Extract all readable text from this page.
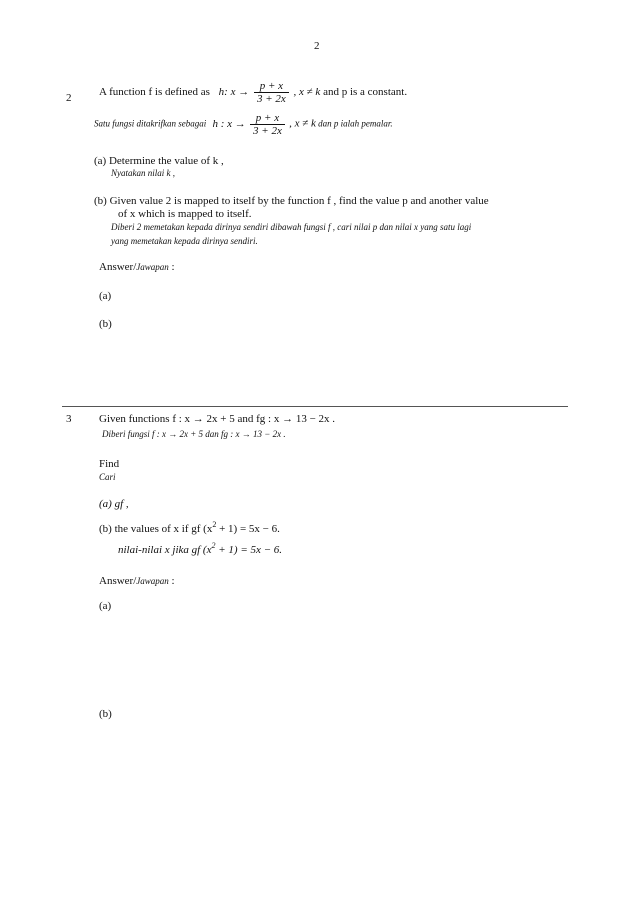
2
2	A function f is defined as h: $x \to \frac{p + x}{3 + 2x}$ , x ≠ k and p is a constant.
Satu fungsi ditakrifkan sebagai h : $x \to \frac{p + x}{3 + 2x}$ , x ≠ k dan p ialah pemalar.
(a) Determine the value of k ,
Nyatakan nilai k ,
(b) Given value 2 is mapped to itself by the function f , find the value p and another value
of x which is mapped to itself.
Diberi 2 memetakan kepada dirinya sendiri dibawah fungsi f , cari nilai p dan nilai x yang satu lagi
yang memetakan kepada dirinya sendiri.
Answer/Jawapan :
(a)
(b)
3	Given functions f : x → 2x + 5 and fg : x → 13 − 2x .
Diberi fungsi f : x → 2x + 5 dan fg : x → 13 − 2x .
Find
Cari
(a) gf ,
(b) the values of x if gf $(x^2 + 1) = 5x - 6$.
nilai-nilai x jika gf $(x^2 + 1) = 5x - 6$.
Answer/Jawapan :
(a)
(b)
